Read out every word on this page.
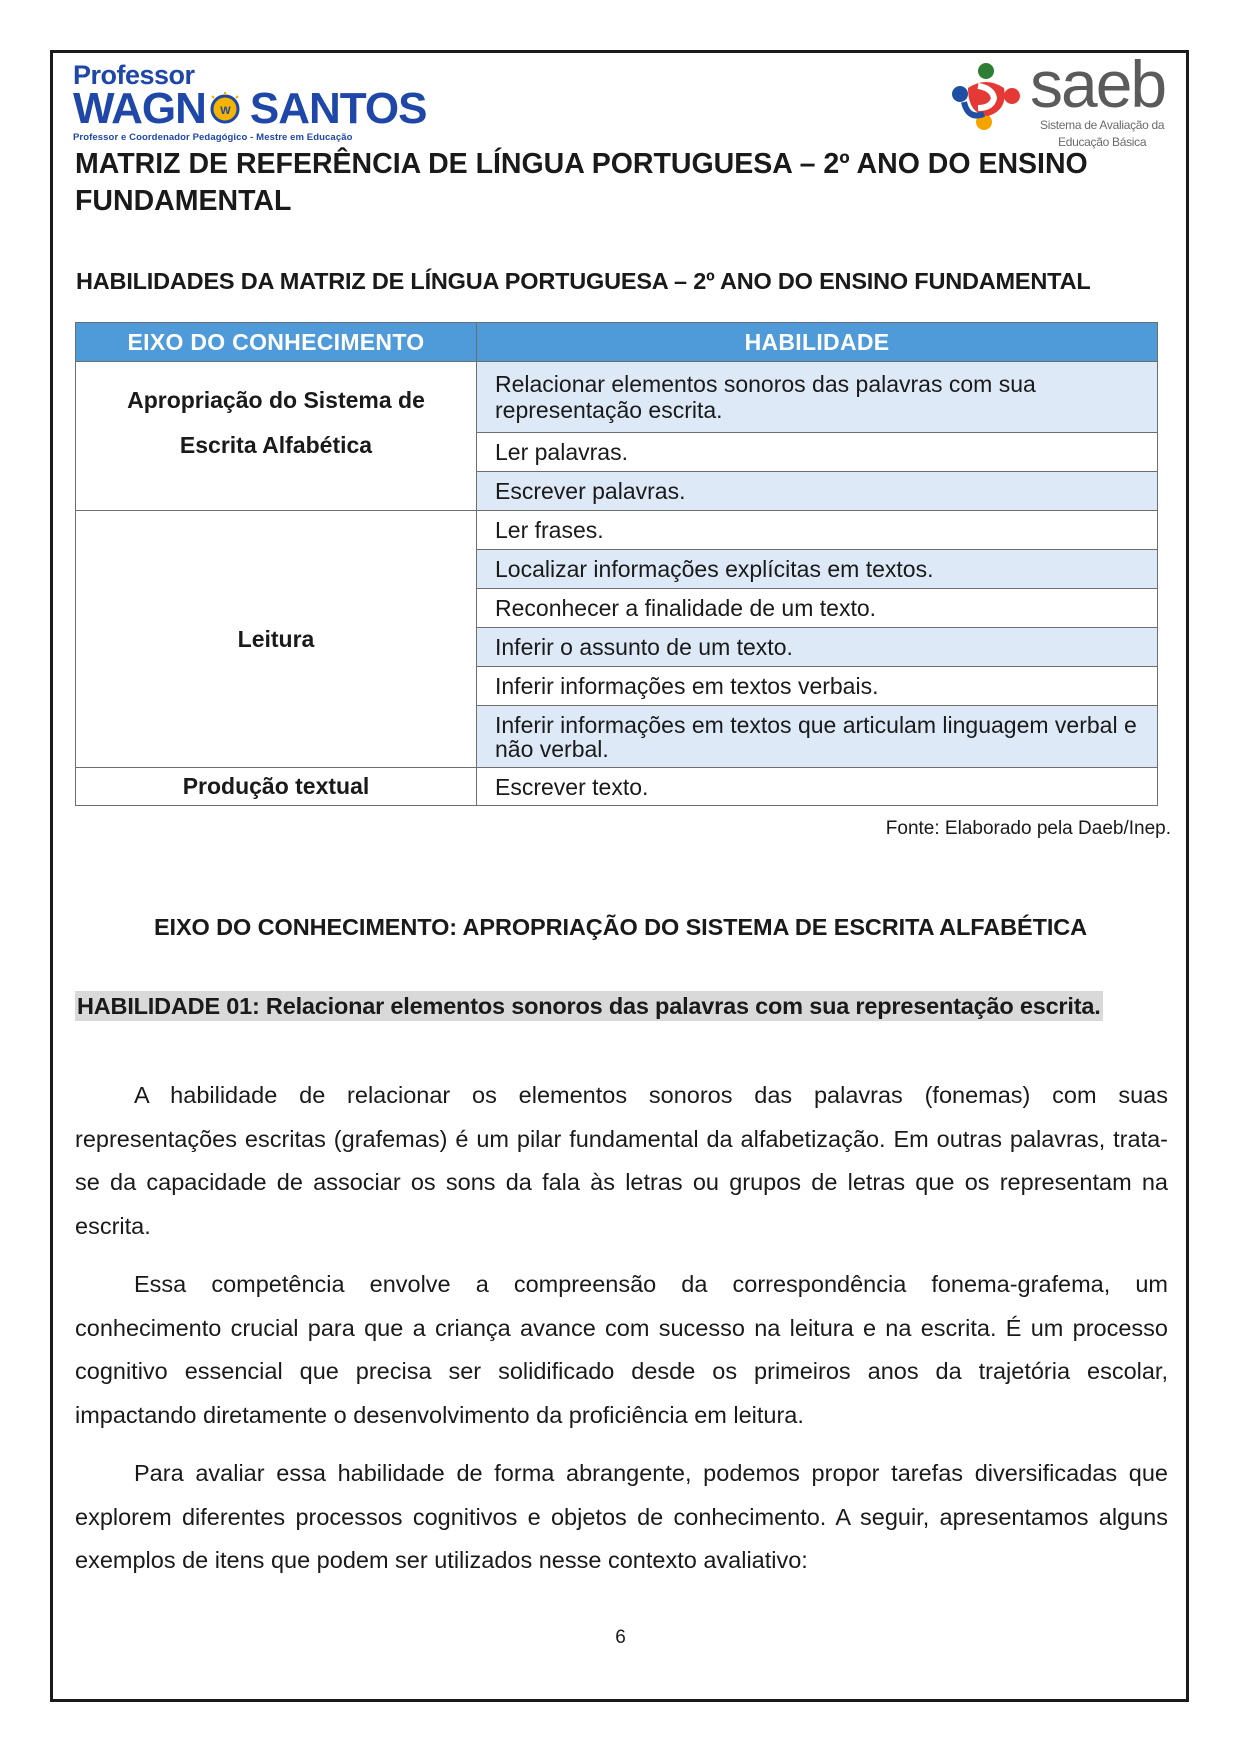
Professor
WAGN W SANTOS
Professor e Coordenador Pedagógico - Mestre em Educação
saeb
Sistema de Avaliação da
Educação Básica
MATRIZ DE REFERÊNCIA DE LÍNGUA PORTUGUESA – 2º ANO DO ENSINO FUNDAMENTAL
HABILIDADES DA MATRIZ DE LÍNGUA PORTUGUESA – 2º ANO DO ENSINO FUNDAMENTAL
EIXO DO CONHECIMENTO	HABILIDADE

Apropriação do Sistema de
Escrita Alfabética	Relacionar elementos sonoros das palavras com sua representação escrita.
	Ler palavras.
	Escrever palavras.
Leitura	Ler frases.
	Localizar informações explícitas em textos.
	Reconhecer a finalidade de um texto.
	Inferir o assunto de um texto.
	Inferir informações em textos verbais.
	Inferir informações em textos que articulam linguagem verbal e não verbal.
Produção textual	Escrever texto.
Fonte: Elaborado pela Daeb/Inep.
EIXO DO CONHECIMENTO: APROPRIAÇÃO DO SISTEMA DE ESCRITA ALFABÉTICA
HABILIDADE 01: Relacionar elementos sonoros das palavras com sua representação escrita.
A habilidade de relacionar os elementos sonoros das palavras (fonemas) com suas representações escritas (grafemas) é um pilar fundamental da alfabetização. Em outras palavras, trata-se da capacidade de associar os sons da fala às letras ou grupos de letras que os representam na escrita.
Essa competência envolve a compreensão da correspondência fonema-grafema, um conhecimento crucial para que a criança avance com sucesso na leitura e na escrita. É um processo cognitivo essencial que precisa ser solidificado desde os primeiros anos da trajetória escolar, impactando diretamente o desenvolvimento da proficiência em leitura.
Para avaliar essa habilidade de forma abrangente, podemos propor tarefas diversificadas que explorem diferentes processos cognitivos e objetos de conhecimento. A seguir, apresentamos alguns exemplos de itens que podem ser utilizados nesse contexto avaliativo:
6
